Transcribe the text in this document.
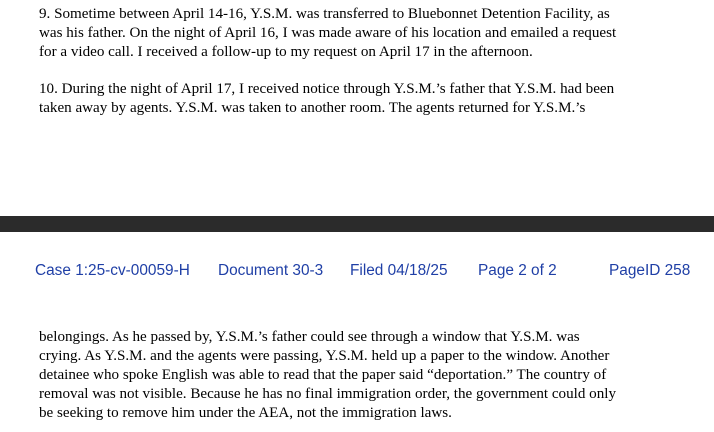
9. Sometime between April 14-16, Y.S.M. was transferred to Bluebonnet Detention Facility, as
was his father. On the night of April 16, I was made aware of his location and emailed a request
for a video call. I received a follow-up to my request on April 17 in the afternoon.

10. During the night of April 17, I received notice through Y.S.M.’s father that Y.S.M. had been
taken away by agents. Y.S.M. was taken to another room. The agents returned for Y.S.M.’s

Case 1:25-cv-00059-H Document 30-3 Filed 04/18/25 Page 2 of 2	PageID 258

belongings. As he passed by, Y.S.M.’s father could see through a window that Y.S.M. was
crying. As Y.S.M. and the agents were passing, Y.S.M. held up a paper to the window. Another
detainee who spoke English was able to read that the paper said “deportation.” The country of
removal was not visible. Because he has no final immigration order, the government could only
be seeking to remove him under the AEA, not the immigration laws.
